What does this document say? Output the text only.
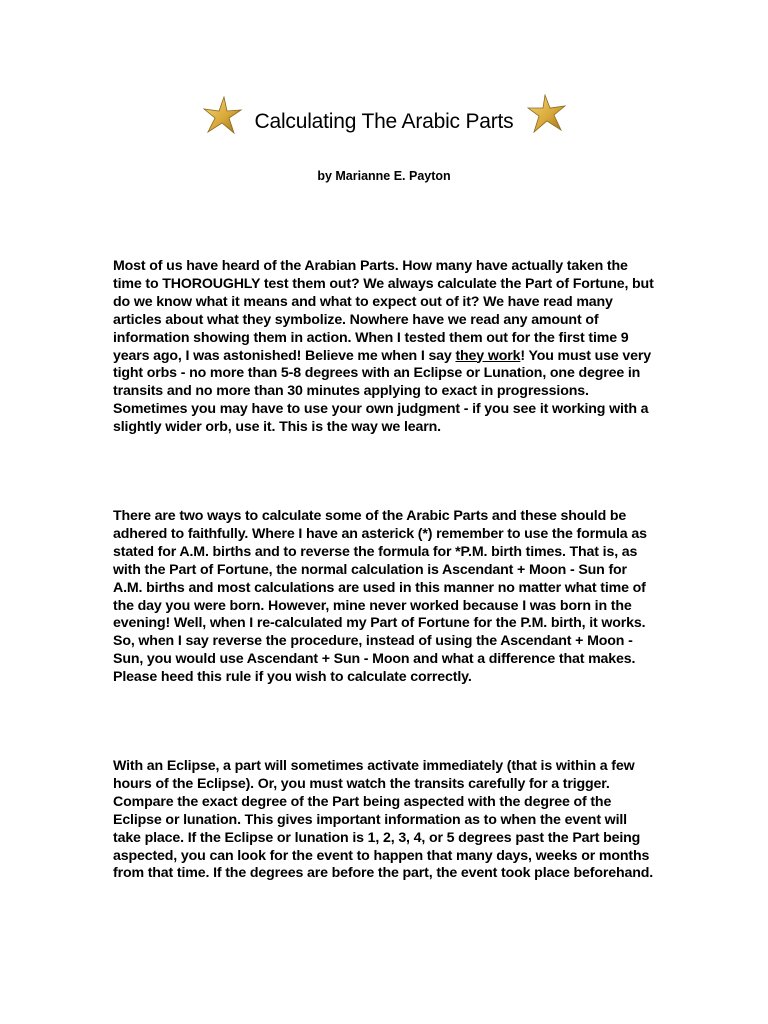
Calculating The Arabic Parts

by Marianne E. Payton

Most of us have heard of the Arabian Parts. How many have actually taken the time to THOROUGHLY test them out? We always calculate the Part of Fortune, but do we know what it means and what to expect out of it? We have read many articles about what they symbolize. Nowhere have we read any amount of information showing them in action. When I tested them out for the first time 9 years ago, I was astonished! Believe me when I say they work! You must use very tight orbs - no more than 5-8 degrees with an Eclipse or Lunation, one degree in transits and no more than 30 minutes applying to exact in progressions. Sometimes you may have to use your own judgment - if you see it working with a slightly wider orb, use it. This is the way we learn.

There are two ways to calculate some of the Arabic Parts and these should be adhered to faithfully. Where I have an asterick (*) remember to use the formula as stated for A.M. births and to reverse the formula for *P.M. birth times. That is, as with the Part of Fortune, the normal calculation is Ascendant + Moon - Sun for A.M. births and most calculations are used in this manner no matter what time of the day you were born. However, mine never worked because I was born in the evening! Well, when I re-calculated my Part of Fortune for the P.M. birth, it works. So, when I say reverse the procedure, instead of using the Ascendant + Moon - Sun, you would use Ascendant + Sun - Moon and what a difference that makes. Please heed this rule if you wish to calculate correctly.

With an Eclipse, a part will sometimes activate immediately (that is within a few hours of the Eclipse). Or, you must watch the transits carefully for a trigger. Compare the exact degree of the Part being aspected with the degree of the Eclipse or lunation. This gives important information as to when the event will take place. If the Eclipse or lunation is 1, 2, 3, 4, or 5 degrees past the Part being aspected, you can look for the event to happen that many days, weeks or months from that time. If the degrees are before the part, the event took place beforehand.
